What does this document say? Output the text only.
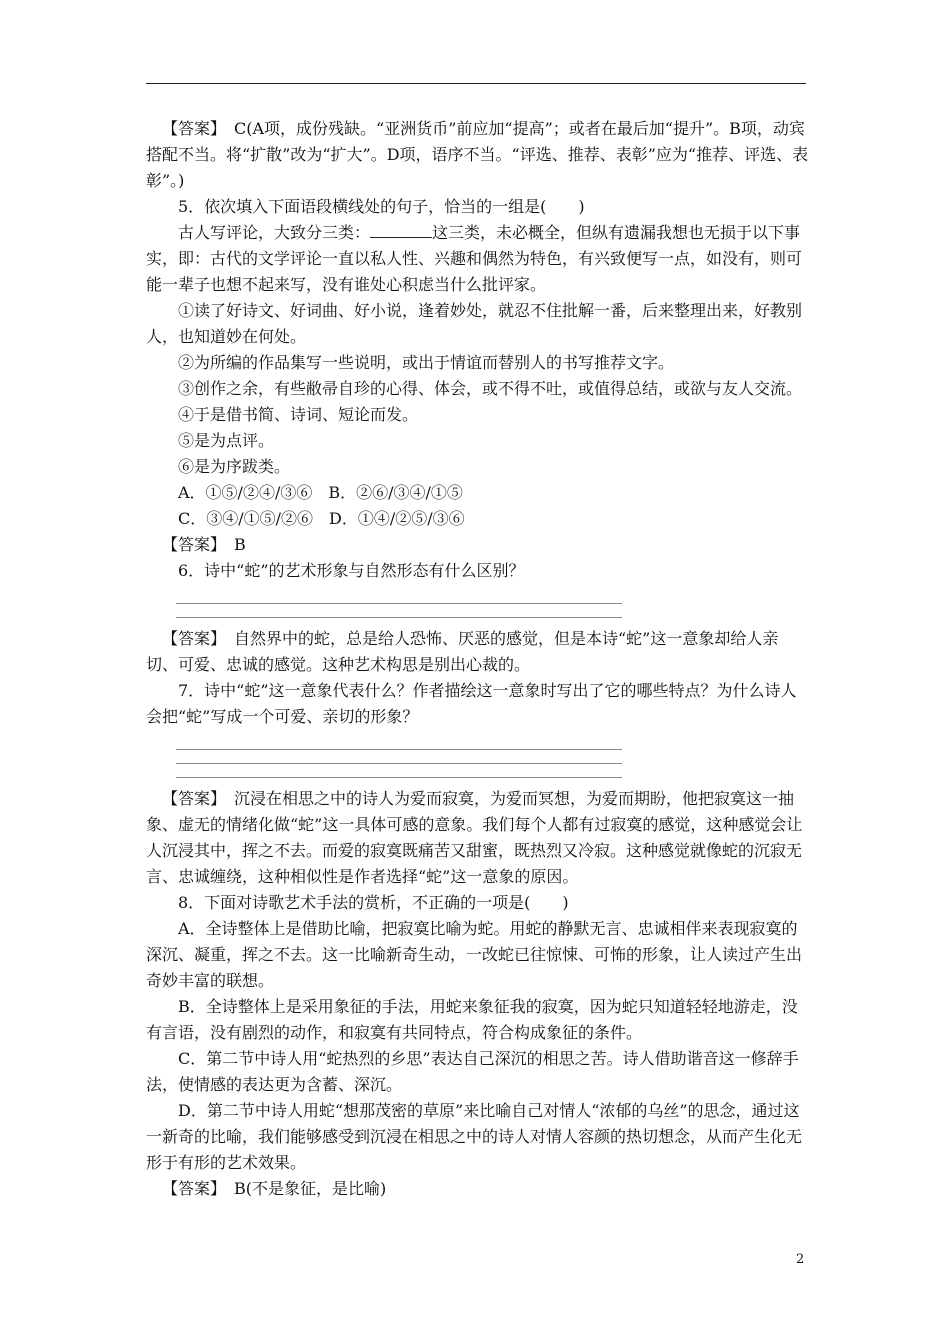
【答案】　C(A项，成份残缺。“亚洲货币”前应加“提高”；或者在最后加“提升”。B项，动宾搭配不当。将“扩散”改为“扩大”。D项，语序不当。“评选、推荐、表彰”应为“推荐、评选、表彰”。)

5．依次填入下面语段横线处的句子，恰当的一组是(　　)

古人写评论，大致分三类：	这三类，未必概全，但纵有遗漏我想也无损于以下事实，即：古代的文学评论一直以私人性、兴趣和偶然为特色，有兴致便写一点，如没有，则可能一辈子也想不起来写，没有谁处心积虑当什么批评家。

①读了好诗文、好词曲、好小说，逢着妙处，就忍不住批解一番，后来整理出来，好教别人，也知道妙在何处。

②为所编的作品集写一些说明，或出于情谊而替别人的书写推荐文字。

③创作之余，有些敝帚自珍的心得、体会，或不得不吐，或值得总结，或欲与友人交流。

④于是借书简、诗词、短论而发。

⑤是为点评。

⑥是为序跋类。

A．①⑤/②④/③⑥　B．②⑥/③④/①⑤

C．③④/①⑤/②⑥　D．①④/②⑤/③⑥

【答案】　B

6．诗中“蛇”的艺术形象与自然形态有什么区别？

【答案】　自然界中的蛇，总是给人恐怖、厌恶的感觉，但是本诗“蛇”这一意象却给人亲切、可爱、忠诚的感觉。这种艺术构思是别出心裁的。

7．诗中“蛇”这一意象代表什么？作者描绘这一意象时写出了它的哪些特点？为什么诗人会把“蛇”写成一个可爱、亲切的形象？

【答案】　沉浸在相思之中的诗人为爱而寂寞，为爱而冥想，为爱而期盼，他把寂寞这一抽象、虚无的情绪化做“蛇”这一具体可感的意象。我们每个人都有过寂寞的感觉，这种感觉会让人沉浸其中，挥之不去。而爱的寂寞既痛苦又甜蜜，既热烈又冷寂。这种感觉就像蛇的沉寂无言、忠诚缠绕，这种相似性是作者选择“蛇”这一意象的原因。

8．下面对诗歌艺术手法的赏析，不正确的一项是(　　)

A．全诗整体上是借助比喻，把寂寞比喻为蛇。用蛇的静默无言、忠诚相伴来表现寂寞的深沉、凝重，挥之不去。这一比喻新奇生动，一改蛇已往惊悚、可怖的形象，让人读过产生出奇妙丰富的联想。

B．全诗整体上是采用象征的手法，用蛇来象征我的寂寞，因为蛇只知道轻轻地游走，没有言语，没有剧烈的动作，和寂寞有共同特点，符合构成象征的条件。

C．第二节中诗人用“蛇热烈的乡思”表达自己深沉的相思之苦。诗人借助谐音这一修辞手法，使情感的表达更为含蓄、深沉。

D．第二节中诗人用蛇“想那茂密的草原”来比喻自己对情人“浓郁的乌丝”的思念，通过这一新奇的比喻，我们能够感受到沉浸在相思之中的诗人对情人容颜的热切想念，从而产生化无形于有形的艺术效果。

【答案】　B(不是象征，是比喻)

2
